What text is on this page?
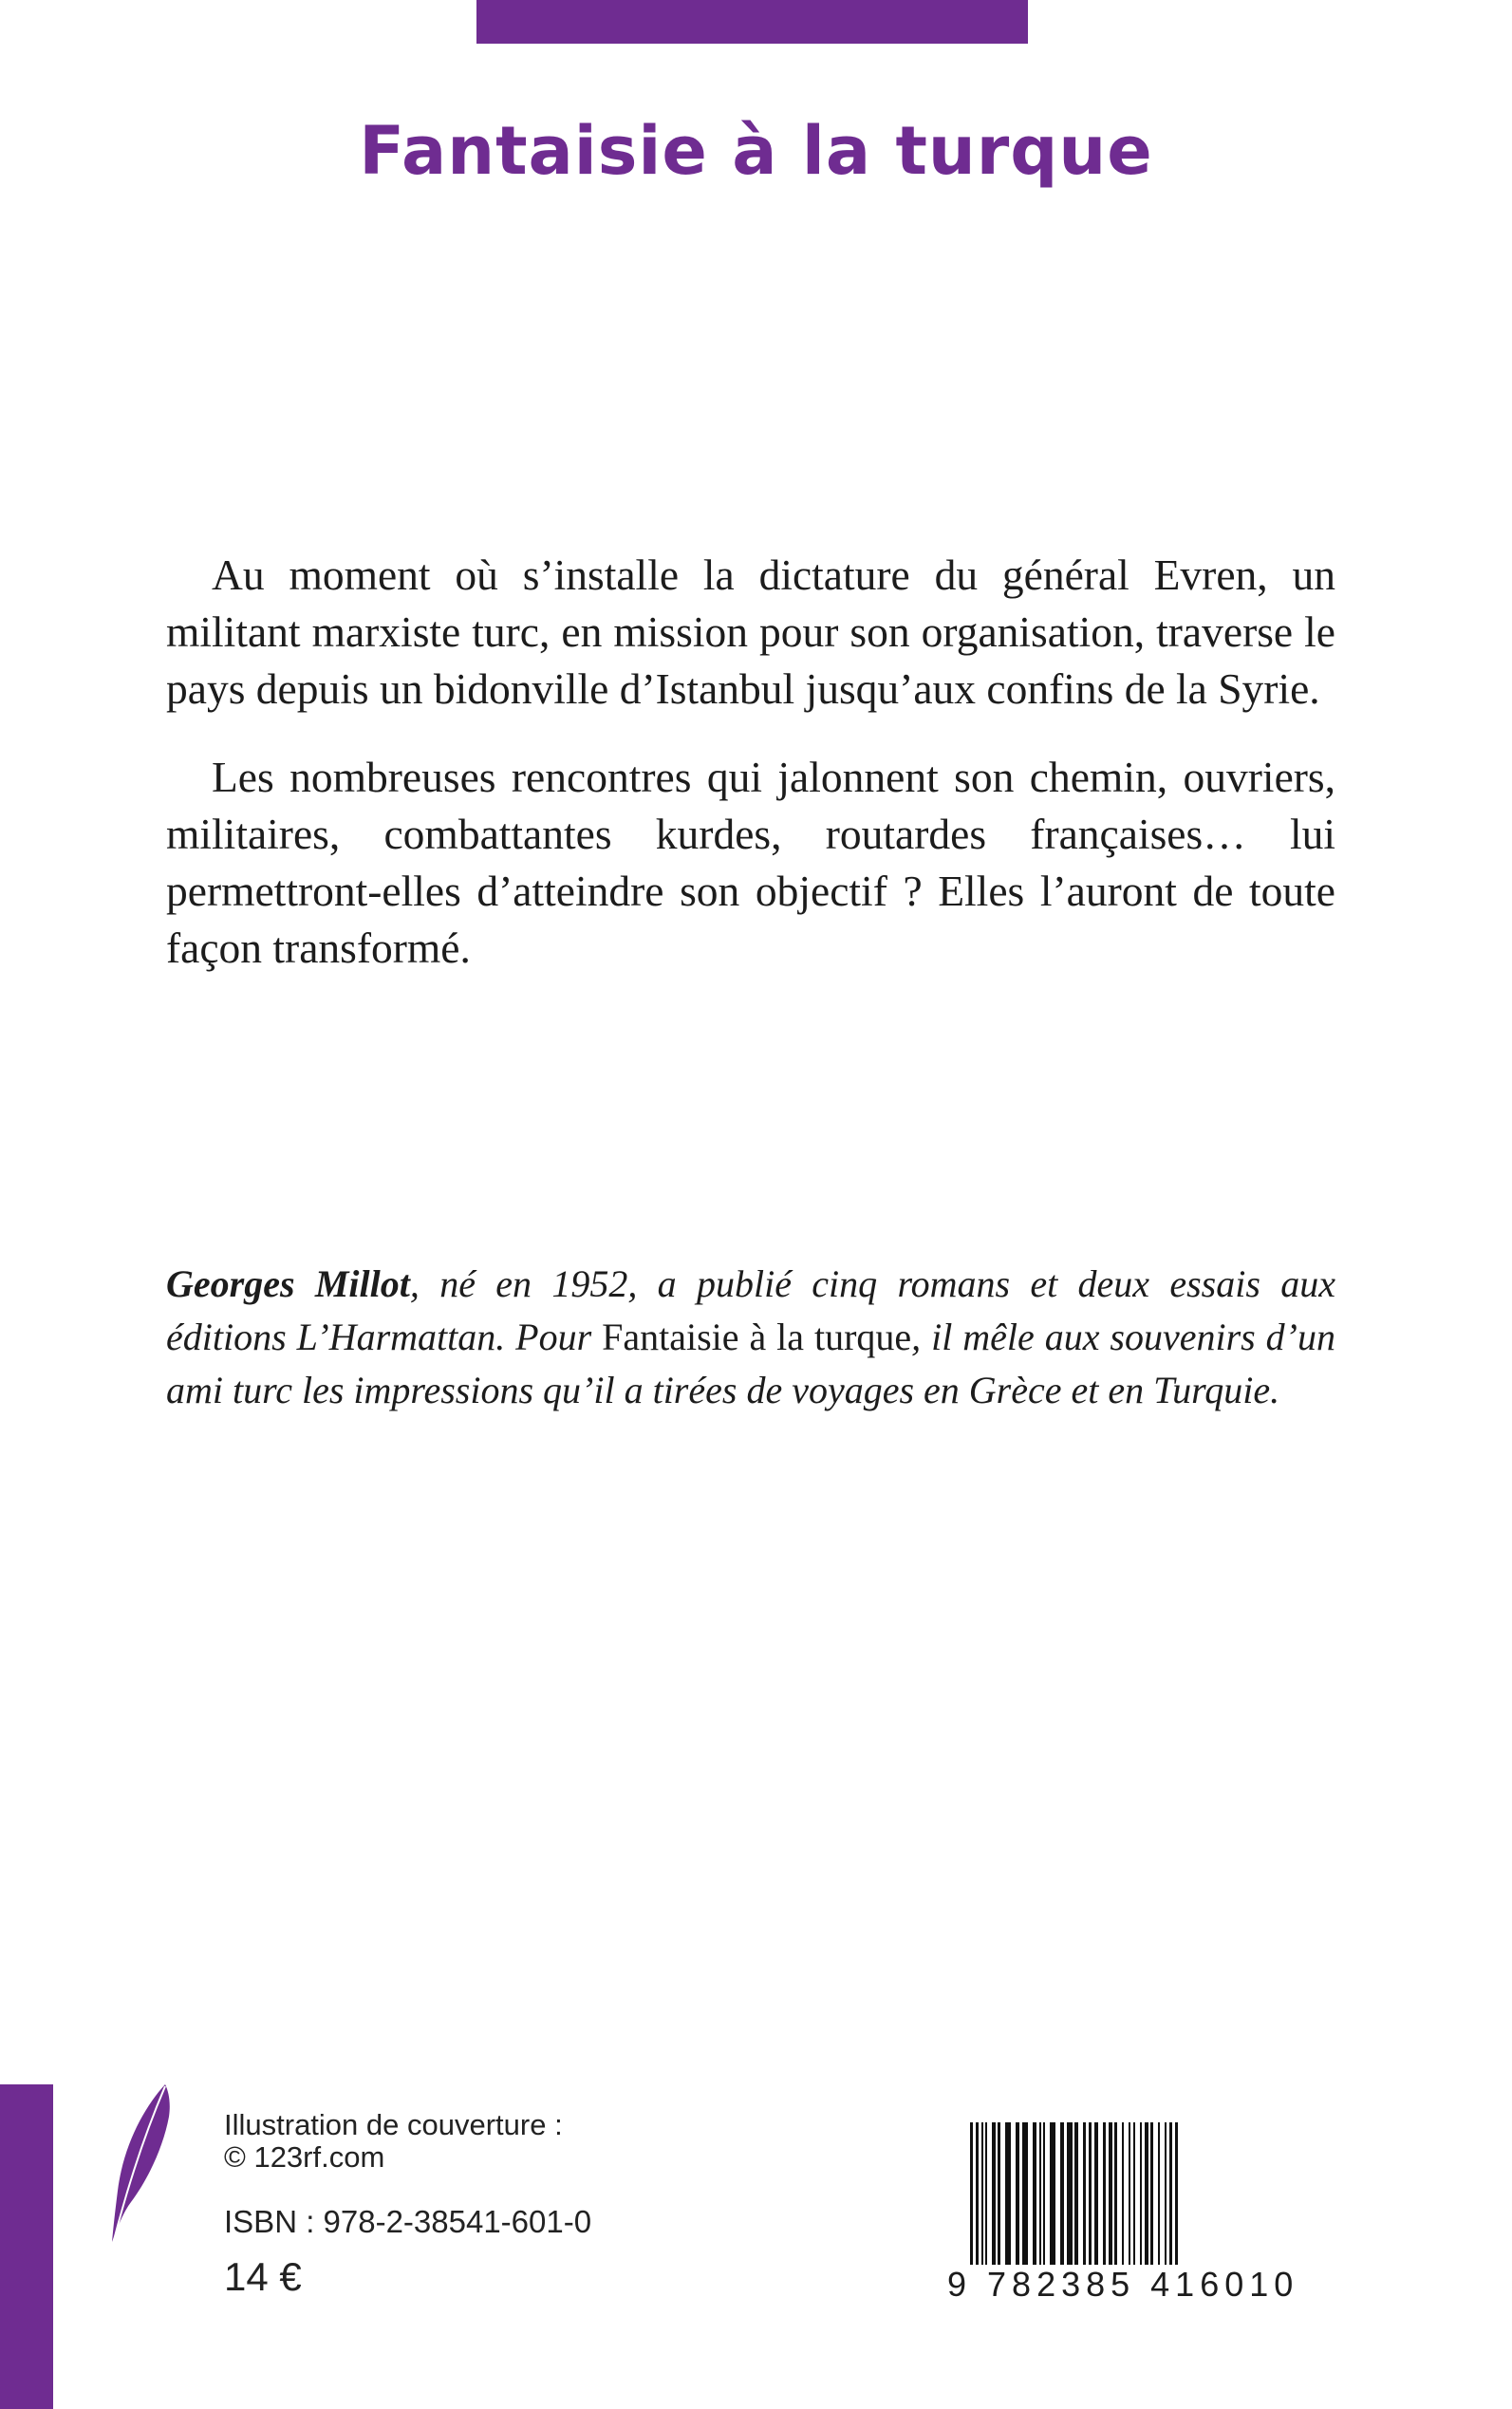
Fantaisie à la turque

Au moment où s’installe la dictature du général Evren, un militant marxiste turc, en mission pour son organisation, traverse le pays depuis un bidonville d’Istanbul jusqu’aux confins de la Syrie.

Les nombreuses rencontres qui jalonnent son chemin, ouvriers, militaires, combattantes kurdes, routardes françaises… lui permettront-elles d’atteindre son objectif ? Elles l’auront de toute façon transformé.

Georges Millot, né en 1952, a publié cinq romans et deux essais aux éditions L’Harmattan. Pour Fantaisie à la turque, il mêle aux souvenirs d’un ami turc les impressions qu’il a tirées de voyages en Grèce et en Turquie.

Illustration de couverture :
© 123rf.com
ISBN : 978-2-38541-601-0
14 €	9 782385 416010
